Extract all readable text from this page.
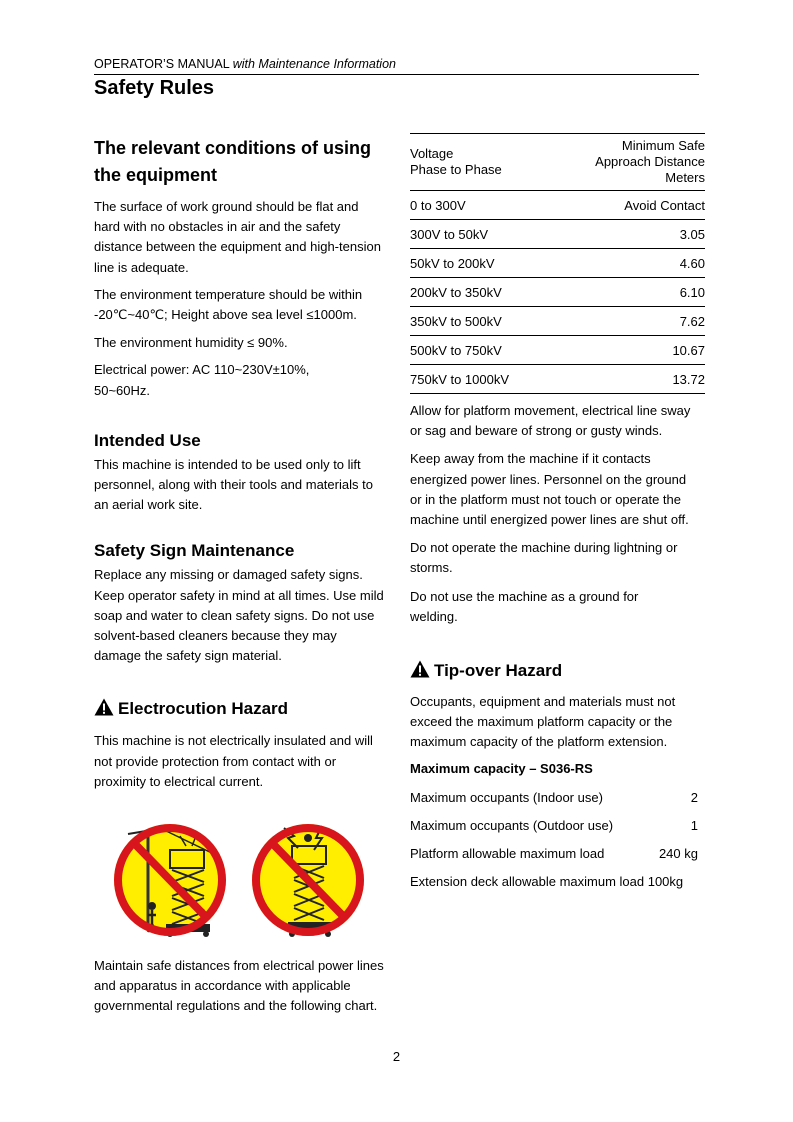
OPERATOR’S MANUAL with Maintenance Information
Safety Rules
The relevant conditions of using
the equipment

The surface of work ground should be flat and hard with no obstacles in air and the safety distance between the equipment and high-tension line is adequate.

The environment temperature should be within -20℃~40℃; Height above sea level ≤1000m.

The environment humidity ≤ 90%.

Electrical power: AC 110~230V±10%, 50~60Hz.

Intended Use

This machine is intended to be used only to lift personnel, along with their tools and materials to an aerial work site.

Safety Sign Maintenance

Replace any missing or damaged safety signs. Keep operator safety in mind at all times. Use mild soap and water to clean safety signs. Do not use solvent-based cleaners because they may damage the safety sign material.

Electrocution Hazard

This machine is not electrically insulated and will not provide protection from contact with or proximity to electrical current.

Maintain safe distances from electrical power lines and apparatus in accordance with applicable governmental regulations and the following chart.

Voltage
Phase to Phase	Minimum Safe
Approach Distance
Meters
0 to 300V	Avoid Contact
300V to 50kV	3.05
50kV to 200kV	4.60
200kV to 350kV	6.10
350kV to 500kV	7.62
500kV to 750kV	10.67
750kV to 1000kV	13.72

Allow for platform movement, electrical line sway or sag and beware of strong or gusty winds.

Keep away from the machine if it contacts energized power lines. Personnel on the ground or in the platform must not touch or operate the machine until energized power lines are shut off.

Do not operate the machine during lightning or storms.

Do not use the machine as a ground for welding.

Tip-over Hazard

Occupants, equipment and materials must not exceed the maximum platform capacity or the maximum capacity of the platform extension.

Maximum capacity – S036-RS
Maximum occupants (Indoor use)	2
Maximum occupants (Outdoor use)	1
Platform allowable maximum load	240 kg
Extension deck allowable maximum load 100kg
2
